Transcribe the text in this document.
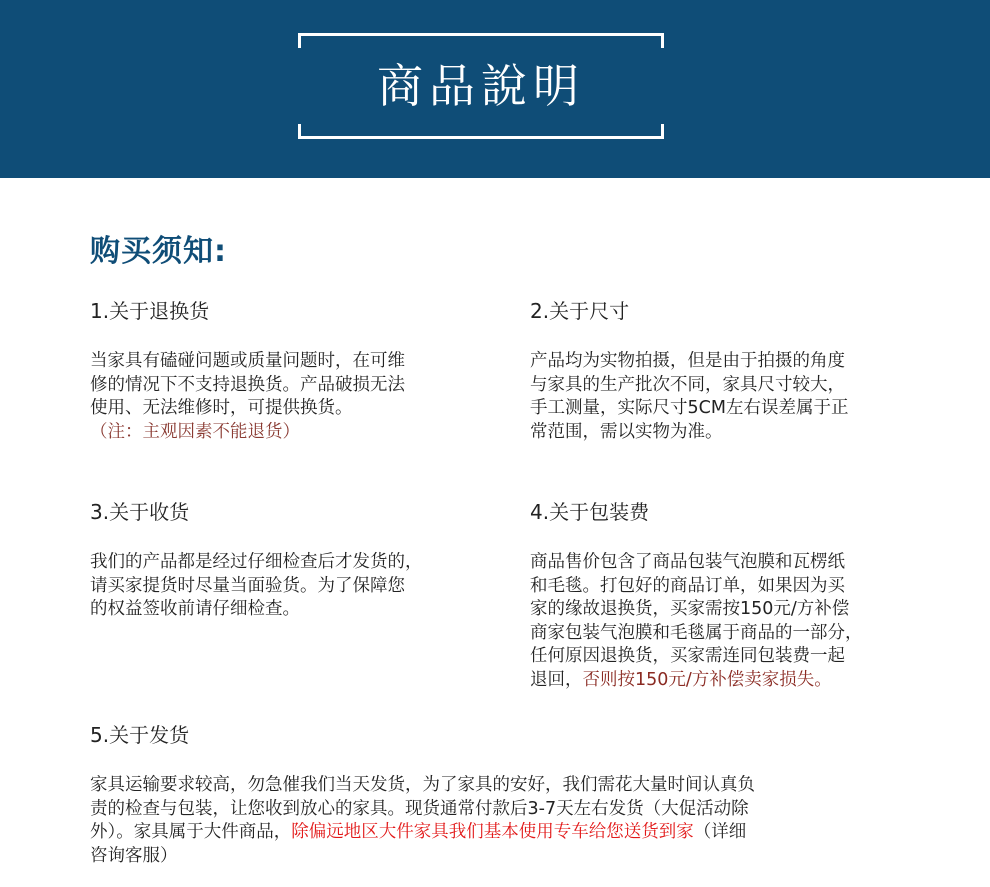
商品說明
购买须知:
1.关于退换货
当家具有磕碰问题或质量问题时，在可维
修的情况下不支持退换货。产品破损无法
使用、无法维修时，可提供换货。
（注：主观因素不能退货）
2.关于尺寸
产品均为实物拍摄，但是由于拍摄的角度
与家具的生产批次不同，家具尺寸较大，
手工测量，实际尺寸5CM左右误差属于正
常范围，需以实物为准。
3.关于收货
我们的产品都是经过仔细检查后才发货的，
请买家提货时尽量当面验货。为了保障您
的权益签收前请仔细检查。
4.关于包装费
商品售价包含了商品包装气泡膜和瓦楞纸
和毛毯。打包好的商品订单，如果因为买
家的缘故退换货，买家需按150元/方补偿
商家包装气泡膜和毛毯属于商品的一部分，
任何原因退换货，买家需连同包装费一起
退回，否则按150元/方补偿卖家损失。
5.关于发货
家具运输要求较高，勿急催我们当天发货，为了家具的安好，我们需花大量时间认真负
责的检查与包装，让您收到放心的家具。现货通常付款后3-7天左右发货（大促活动除
外）。家具属于大件商品，除偏远地区大件家具我们基本使用专车给您送货到家（详细
咨询客服）
